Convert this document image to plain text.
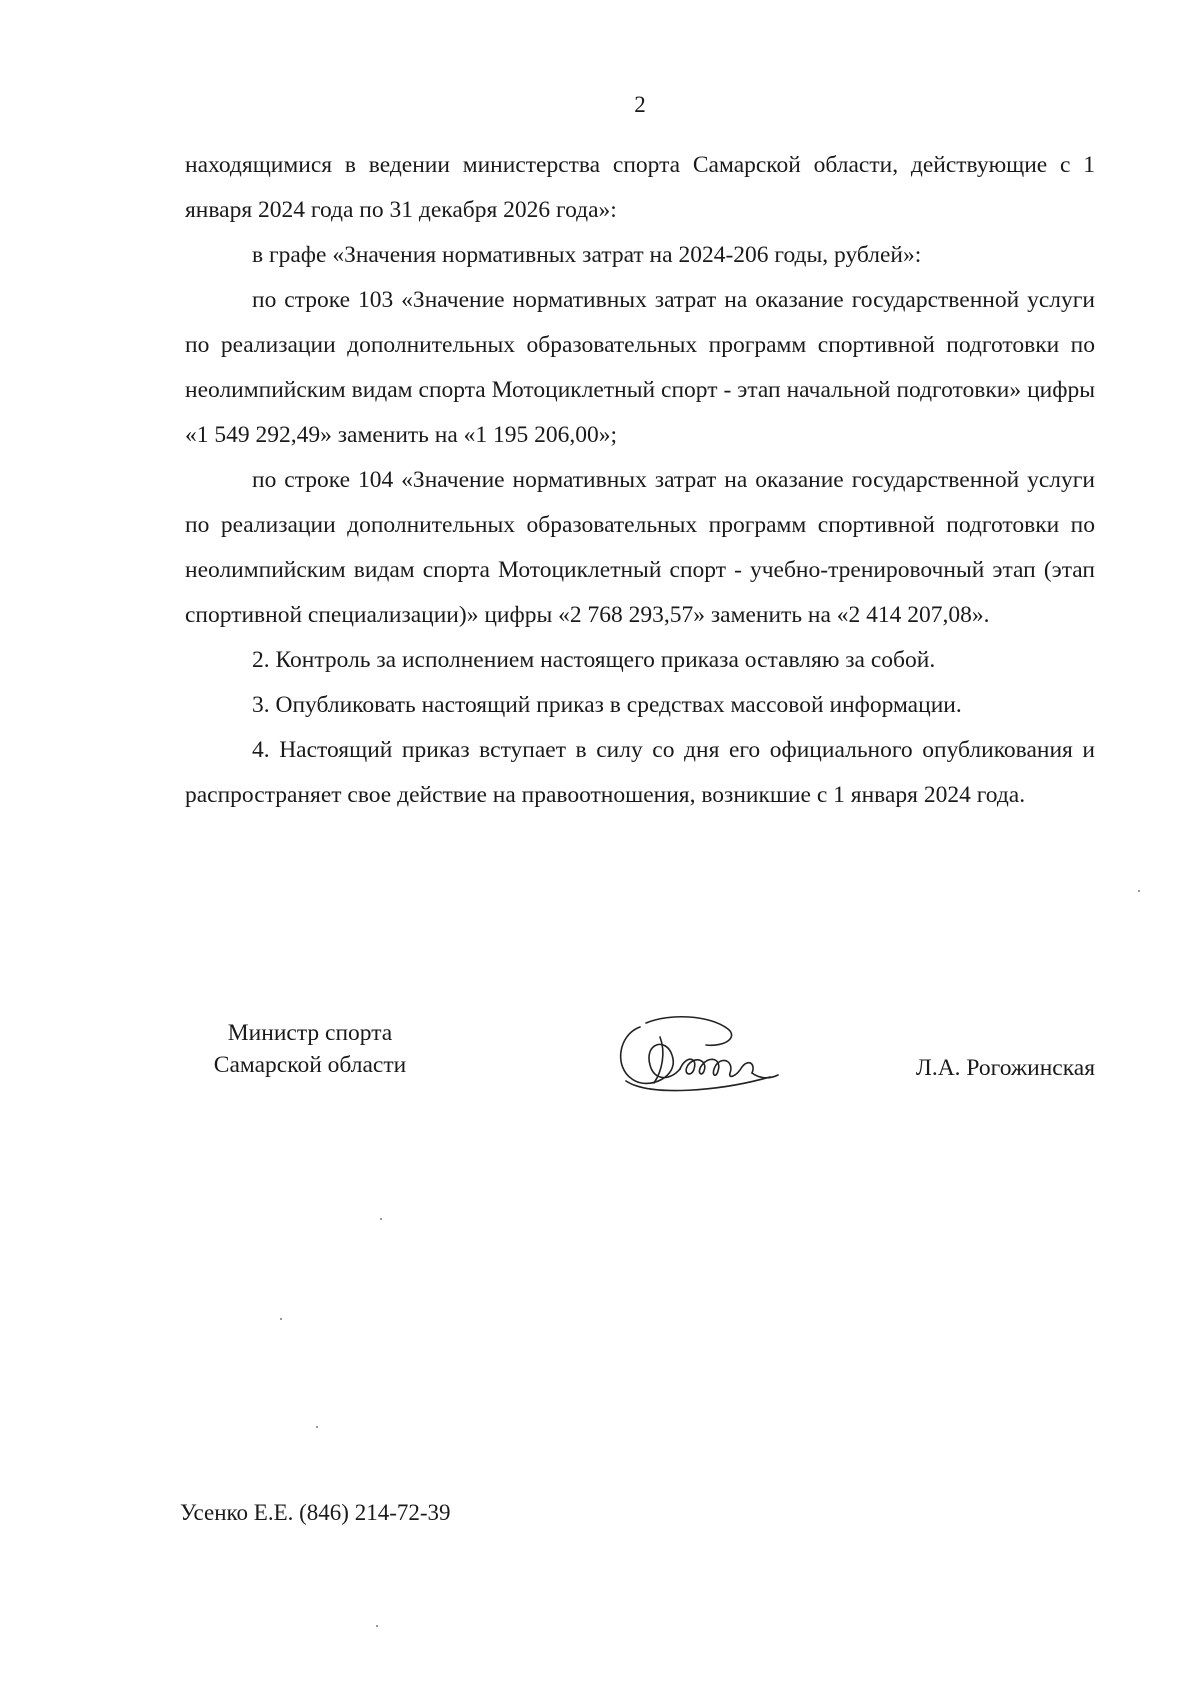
2

находящимися в ведении министерства спорта Самарской области, действующие с 1 января 2024 года по 31 декабря 2026 года»:

в графе «Значения нормативных затрат на 2024-206 годы, рублей»:

по строке 103 «Значение нормативных затрат на оказание государственной услуги по реализации дополнительных образовательных программ спортивной подготовки по неолимпийским видам спорта Мотоциклетный спорт - этап начальной подготовки» цифры «1 549 292,49» заменить на «1 195 206,00»;

по строке 104 «Значение нормативных затрат на оказание государственной услуги по реализации дополнительных образовательных программ спортивной подготовки по неолимпийским видам спорта Мотоциклетный спорт - учебно-тренировочный этап (этап спортивной специализации)» цифры «2 768 293,57» заменить на «2 414 207,08».

2. Контроль за исполнением настоящего приказа оставляю за собой.

3. Опубликовать настоящий приказ в средствах массовой информации.

4. Настоящий приказ вступает в силу со дня его официального опубликования и распространяет свое действие на правоотношения, возникшие с 1 января 2024 года.

Министр спорта
Самарской области	Л.А. Рогожинская
Усенко Е.Е. (846) 214-72-39
